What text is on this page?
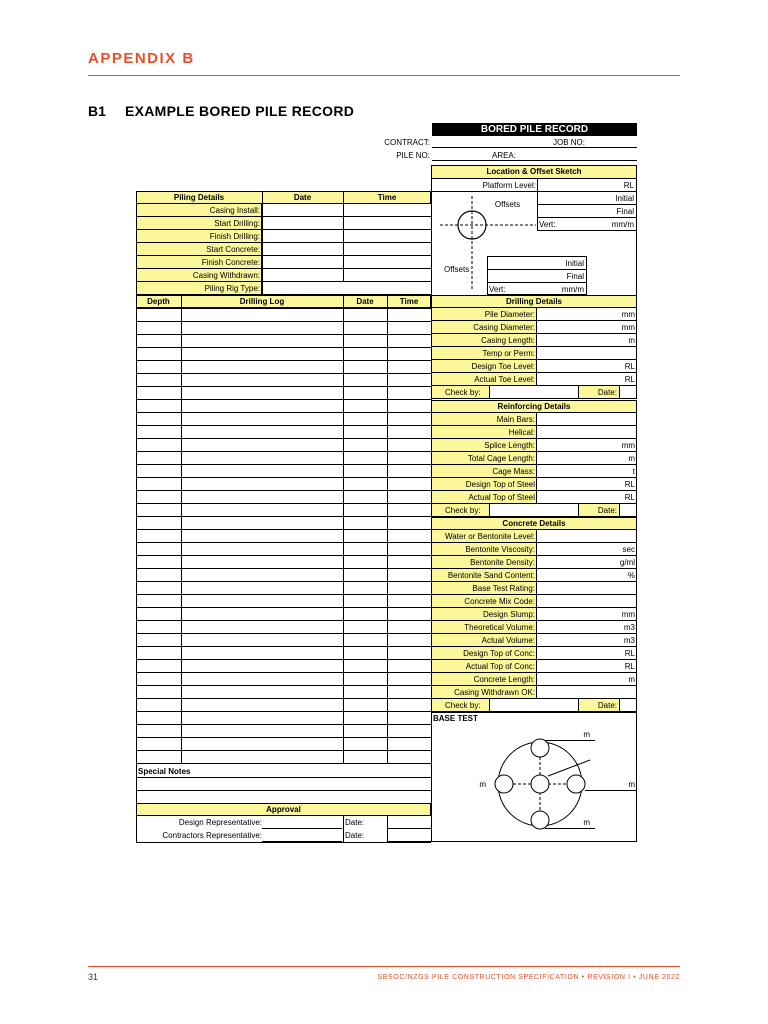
APPENDIX B
B1 EXAMPLE BORED PILE RECORD
BORED PILE RECORD
CONTRACT:	JOB NO:
PILE NO:	AREA:
Location & Offset Sketch
Platform Level:	RL
Offsets
Initial
Final
Vert:	mm/m
Offsets
Initial
Final
Vert:	mm/m
Drilling Details
Pile Diameter:	mm
Casing Diameter:	mm
Casing Length:	m
Temp or Perm:
Design Toe Level:	RL
Actual Toe Level:	RL
Check by:	Date:
Reinforcing Details
Main Bars:
Helical:
Splice Length:	mm
Total Cage Length:	m
Cage Mass:	t
Design Top of Steel	RL
Actual Top of Steel	RL
Check by:	Date:
Concrete Details
Water or Bentonite Level:
Bentonite Viscosity:	sec
Bentonite Density:	g/ml
Bentonite Sand Content:	%
Base Test Rating:
Concrete Mix Code:
Design Slump:	mm
Theoretical Volume:	m3
Actual Volume:	m3
Design Top of Conc:	RL
Actual Top of Conc:	RL
Concrete Length:	m
Casing Withdrawn OK:
Check by:	Date:
BASE TEST
m
m	m
m
Piling Details	Date	Time
Casing Install:
Start Drilling:
Finish Drilling:
Start Concrete:
Finish Concrete:
Casing Withdrawn:
Piling Rig Type:
Depth	Drilling Log	Date	Time
Special Notes
Approval
Design Representative:	Date:
Contractors Representative:	Date:
31	SESOC/NZGS PILE CONSTRUCTION SPECIFICATION • REVISION I • JUNE 2022
